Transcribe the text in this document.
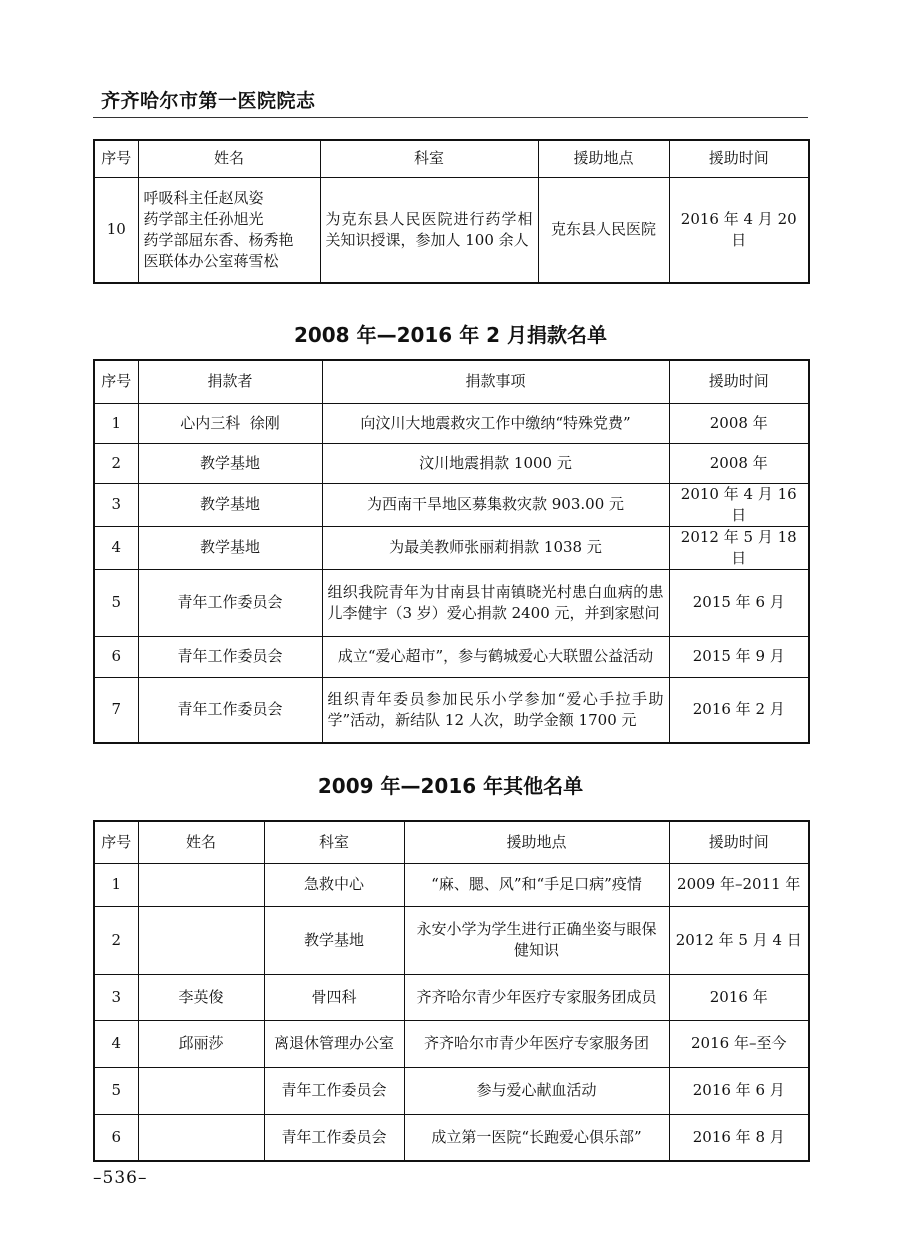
齐齐哈尔市第一医院院志
序号	姓名	科室	援助地点	援助时间
10	呼吸科主任赵凤姿
药学部主任孙旭光
药学部屈东香、杨秀艳
医联体办公室蒋雪松	为克东县人民医院进行药学相关知识授课，参加人 100 余人	克东县人民医院	2016 年 4 月 20 日
2008 年—2016 年 2 月捐款名单
序号	捐款者	捐款事项	援助时间
1	心内三科  徐刚	向汶川大地震救灾工作中缴纳“特殊党费”	2008 年
2	教学基地	汶川地震捐款 1000 元	2008 年
3	教学基地	为西南干旱地区募集救灾款 903.00 元	2010 年 4 月 16 日
4	教学基地	为最美教师张丽莉捐款 1038 元	2012 年 5 月 18 日
5	青年工作委员会	组织我院青年为甘南县甘南镇晓光村患白血病的患儿李健宇（3 岁）爱心捐款 2400 元，并到家慰问	2015 年 6 月
6	青年工作委员会	成立“爱心超市”，参与鹤城爱心大联盟公益活动	2015 年 9 月
7	青年工作委员会	组织青年委员参加民乐小学参加“爱心手拉手助学”活动，新结队 12 人次，助学金额 1700 元	2016 年 2 月
2009 年—2016 年其他名单
序号	姓名	科室	援助地点	援助时间
1		急救中心	“麻、腮、风”和“手足口病”疫情	2009 年–2011 年
2		教学基地	永安小学为学生进行正确坐姿与眼保健知识	2012 年 5 月 4 日
3	李英俊	骨四科	齐齐哈尔青少年医疗专家服务团成员	2016 年
4	邱丽莎	离退休管理办公室	齐齐哈尔市青少年医疗专家服务团	2016 年–至今
5		青年工作委员会	参与爱心献血活动	2016 年 6 月
6		青年工作委员会	成立第一医院“长跑爱心俱乐部”	2016 年 8 月
–536–
